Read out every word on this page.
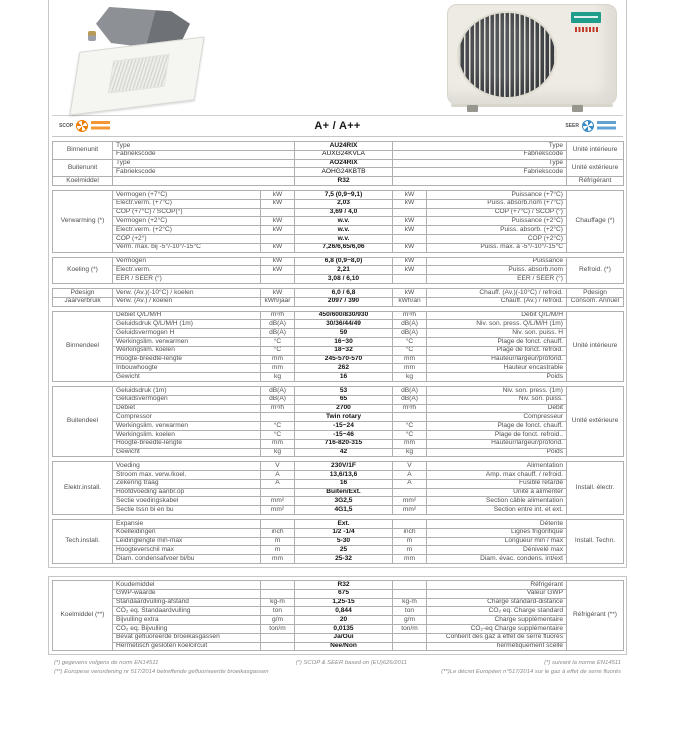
SCOP	A+ / A++	SEER
Binnenunit	Type	AU24RIX	Type	Unité intérieure
	Fabriekscode	AUXG24KVLA	Fabriekscode	
Buitenunit	Type	AO24RIX	Type	Unité extérieure
	Fabriekscode	AOHG24KBTB	Fabriekscode	
Koelmiddel		R32		Réfrigérant
Verwarming (*)	Vermogen (+7°C)	kW	7,5 (0,9~9,1)	kW	Puissance (+7°C)	Chauffage (*)
	Electr.verm. (+7°C)	kW	2,03	kW	Puiss. absorb.nom (+7°C)	
	COP (+7°C) / SCOP(°)		3,69 / 4,0		COP (+7°C) / SCOP (°)	
	Vermogen (+2°C)	kW	w.v.	kW	Puissance (+2°C)	
	Electr.verm. (+2°C)	kW	w.v.	kW	Puiss. absorb. (+2°C)	
	COP (+2°)		w.v.		COP (+2°C)	
	Verm. max. bij -5°/-10°/-15°C	kW	7,26/6,65/6,06	kW	Puiss. max. à -5°/-10°/-15°C	
Koeling (*)	Vermogen	kW	6,8 (0,9~8,0)	kW	Puissance	Refroid. (*)
	Electr.verm.	kW	2,21	kW	Puiss. absorb.nom	
	EER / SEER (°)		3,08 / 6,10		EER / SEER (°)	
Pdesign	Verw. (Av.)(-10°C) / koelen	kW	6,0 / 6,8	kW	Chauff. (Av.)(-10°C) / refroid.	Pdesign
Jaarverbruik	Verw. (Av.) / koelen	kWh/jaar	2097 / 390	kWh/an	Chauff. (Av.) / refroid.	Consom. Annuel
Binnendeel	Debiet Q/L/M/H	m³/h	450/600/830/930	m³/h	Débit Q/L/M/H	Unité intérieure
	Geluidsdruk Q/L/M/H (1m)	dB(A)	30/36/44/49	dB(A)	Niv. son. press. Q/L/M/H (1m)	
	Geluidsvermogen H	dB(A)	59	dB(A)	Niv. son. puiss. H	
	Werkingslim. verwarmen	°C	16~30	°C	Plage de fonct. chauff.	
	Werkingslim. koelen	°C	18~32	°C	Plage de fonct. refroid.	
	Hoogte-breedte-lengte	mm	245-570-570	mm	Hauteur/largeur/profond.	
	Inbouwhoogte	mm	262	mm	Hauteur encastrable	
	Gewicht	kg	16	kg	Poids	
Buitendeel	Geluidsdruk (1m)	dB(A)	53	dB(A)	Niv. son. press. (1m)	Unité extérieure
	Geluidsvermogen	dB(A)	65	dB(A)	Niv. son. puiss.	
	Debiet	m³/h	2700	m³/h	Débit	
	Compressor		Twin rotary		Compresseur	
	Werkingslim. verwarmen	°C	-15~24	°C	Plage de fonct. chauff.	
	Werkingslim. koelen	°C	-15~46	°C	Plage de fonct. refroid..	
	Hoogte-breedte-lengte	mm	716-820-315	mm	Hauteur/largeur/profond.	
	Gewicht	kg	42	kg	Poids	
Elektr.install.	Voeding	V	230V/1F	V	Alimentation	Install. électr.
	Stroom max. verw./koel.	A	13,6/13,6	A	Amp. max chauff. / refroid.	
	Zekering traag	A	16	A	Fusible retardé	
	Hoofdvoeding aanbr.op		Buiten/Ext.		Unité à alimenter	
	Sectie voedingskabel	mm²	3G2,5	mm²	Section câble alimentation	
	Sectie tssn bi en bu	mm²	4G1,5	mm²	Section entre int. et ext.	
Tech.install.	Expansie		Ext.		Détente	Install. Techn.
	Koelleidingen	inch	1/2 -1/4	inch	Lignes frigorifique	
	Leidinglengte min-max	m	5-30	m	Longueur min / max	
	Hoogteverschil max	m	25	m	Dénivelé max	
	Diam. condensafvoer bi/bu	mm	25-32	mm	Diam. évac. condens. int/ext	
Koelmiddel (**)	Koudemiddel		R32		Réfrigérant	Réfrigérant (**)
	GWP-waarde		675		Valeur GWP	
	Standaardvulling-afstand	kg-m	1,25-15	kg-m	Charge standard-distance	
	CO₂ eq. Standaardvulling	ton	0,844	ton	CO₂ eq. Charge standard	
	Bijvulling extra	g/m	20	g/m	Charge supplémentaire	
	CO₂ eq. Bijvulling	ton/m	0,0135	ton/m	CO₂-eq Charge supplémentaire	
	Bevat gefluoreerde broeikasgassen		Ja/Oui		Contient des gaz à effet de serre fluorés	
	Hermetisch gesloten koelcircuit		Nee/Non		hermétiquement scellé	
(*) gegevens volgens de norm EN14511	(°) SCOP & SEER based on (EU)626/2011	(*) suivant la norme EN14511
(**) Europese verordening nr 517/2014 betreffende gefluoriseerde broeikasgassen	(**)Le décret Européen n°517/2014 sur le gaz à effet de serre fluorés
